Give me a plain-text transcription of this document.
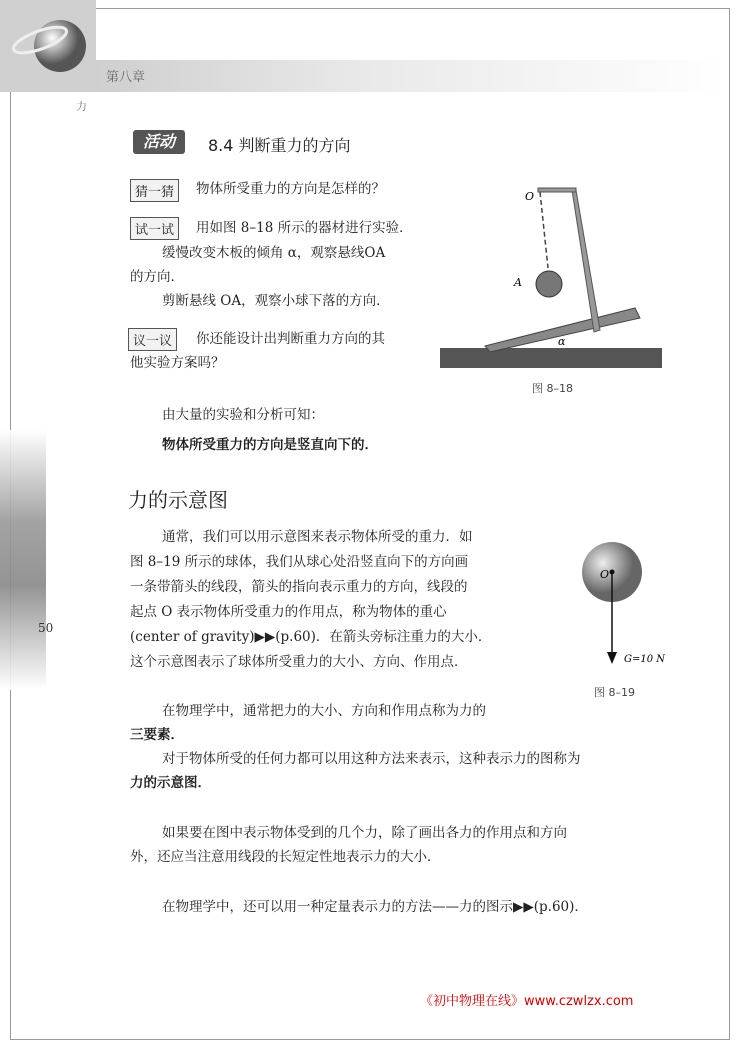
第八章
力
50
活动	8.4 判断重力的方向
猜一猜	物体所受重力的方向是怎样的？
试一试	用如图 8–18 所示的器材进行实验．
缓慢改变木板的倾角 α，观察悬线OA
的方向．
剪断悬线 OA，观察小球下落的方向．
议一议	你还能设计出判断重力方向的其
他实验方案吗？
O
A
α
图 8–18
由大量的实验和分析可知：
物体所受重力的方向是竖直向下的．
力的示意图
通常，我们可以用示意图来表示物体所受的重力．如
图 8–19 所示的球体，我们从球心处沿竖直向下的方向画
一条带箭头的线段，箭头的指向表示重力的方向，线段的
起点 O 表示物体所受重力的作用点，称为物体的重心
(center of gravity)▶▶(p.60)．在箭头旁标注重力的大小．
这个示意图表示了球体所受重力的大小、方向、作用点．
O
G=10 N
图 8–19
在物理学中，通常把力的大小、方向和作用点称为力的
三要素．
对于物体所受的任何力都可以用这种方法来表示，这种表示力的图称为
力的示意图．
如果要在图中表示物体受到的几个力，除了画出各力的作用点和方向
外，还应当注意用线段的长短定性地表示力的大小．
在物理学中，还可以用一种定量表示力的方法——力的图示▶▶(p.60)．
《初中物理在线》www.czwlzx.com
